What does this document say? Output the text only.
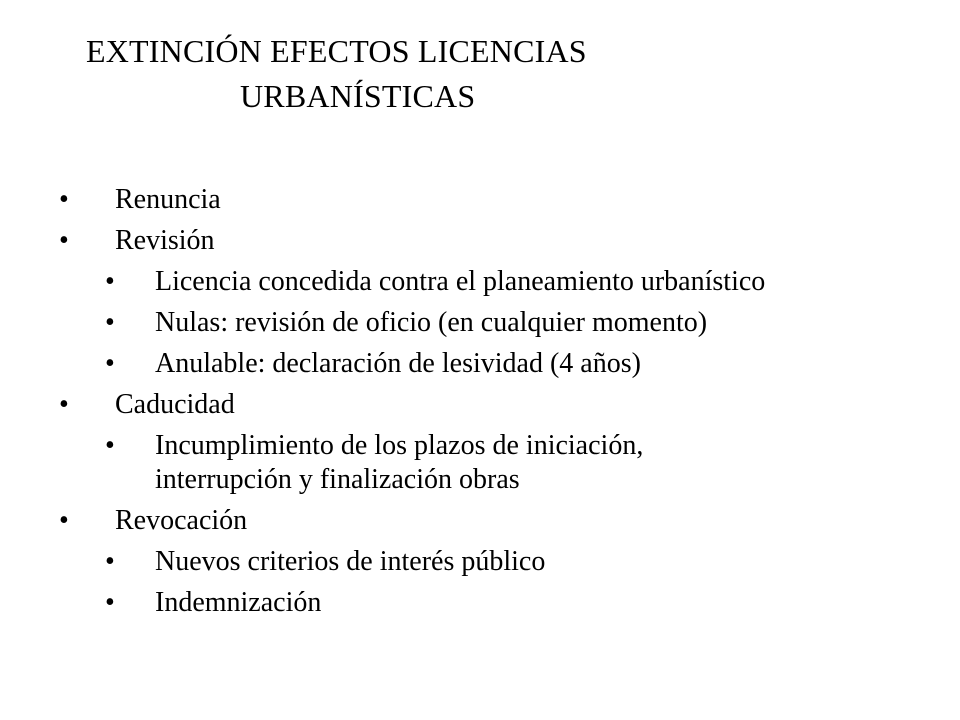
EXTINCIÓN EFECTOS LICENCIAS
URBANÍSTICAS
• Renuncia
• Revisión
• Licencia concedida contra el planeamiento urbanístico
• Nulas: revisión de oficio (en cualquier momento)
• Anulable: declaración de lesividad (4 años)
• Caducidad
• Incumplimiento de los plazos de iniciación,
interrupción y finalización obras
• Revocación
• Nuevos criterios de interés público
• Indemnización
